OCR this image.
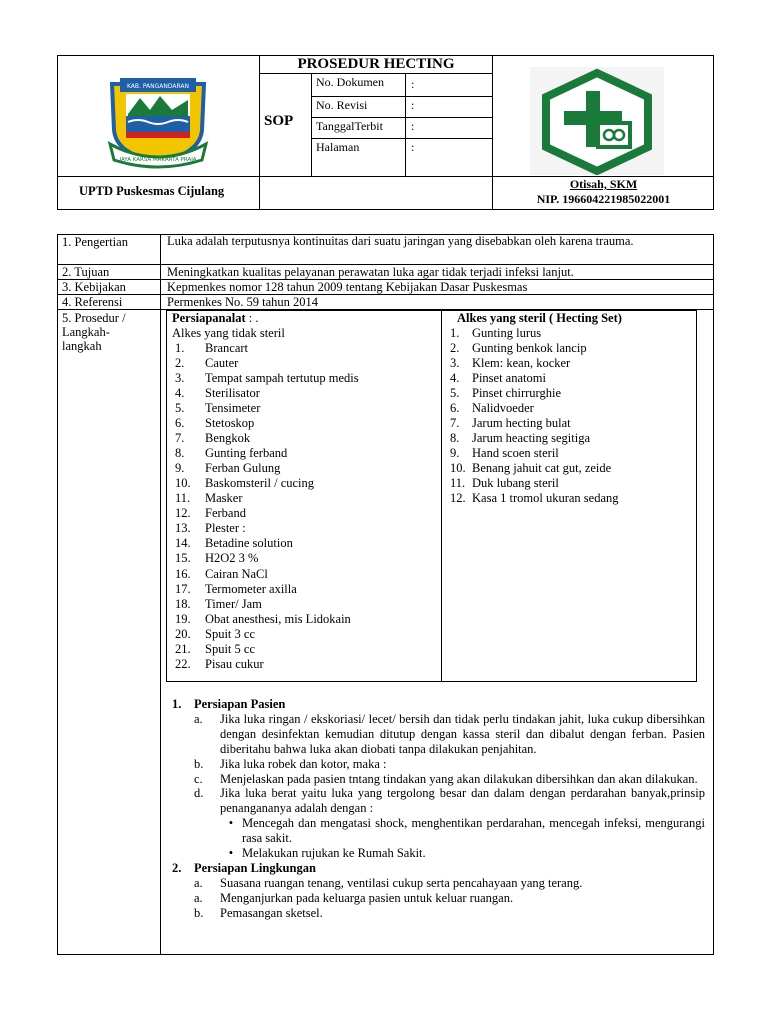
PROSEDUR HECTING
SOP
No. Dokumen :
No. Revisi	:
TanggalTerbit :
Halaman	:
UPTD Puskesmas Cijulang	Otisah, SKM
NIP. 196604221985022001
KAB. PANGANDARAN
JAYA KARSA MAKARTA PRAJA
1. Pengertian	Luka adalah terputusnya kontinuitas dari suatu jaringan yang disebabkan oleh karena trauma.
2. Tujuan	Meningkatkan kualitas pelayanan perawatan luka agar tidak terjadi infeksi lanjut.
3. Kebijakan	Kepmenkes nomor 128 tahun 2009 tentang Kebijakan Dasar Puskesmas
4. Referensi	Permenkes No. 59 tahun 2014
5. Prosedur /
Langkah-
langkah
Persiapanalat : .
Alkes yang tidak steril
1.	Brancart
2.	Cauter
3.	Tempat sampah tertutup medis
4.	Sterilisator
5.	Tensimeter
6.	Stetoskop
7.	Bengkok
8.	Gunting ferband
9.	Ferban Gulung
10.	Baskomsteril / cucing
11.	Masker
12.	Ferband
13.	Plester :
14.	Betadine solution
15.	H2O2 3 %
16.	Cairan NaCl
17.	Termometer axilla
18.	Timer/ Jam
19.	Obat anesthesi, mis Lidokain
20.	Spuit 3 cc
21.	Spuit 5 cc
22.	Pisau cukur
Alkes yang steril ( Hecting Set)
1.	Gunting lurus
2.	Gunting benkok lancip
3.	Klem: kean, kocker
4.	Pinset anatomi
5.	Pinset chirrurghie
6.	Nalidvoeder
7.	Jarum hecting bulat
8.	Jarum heacting segitiga
9.	Hand scoen steril
10. Benang jahuit cat gut, zeide
11. Duk lubang steril
12. Kasa 1 tromol ukuran sedang
1.	Persiapan Pasien
a.	Jika luka ringan / ekskoriasi/ lecet/ bersih dan tidak perlu tindakan jahit, luka cukup dibersihkan dengan desinfektan kemudian ditutup dengan kassa steril dan dibalut dengan ferban. Pasien diberitahu bahwa luka akan diobati tanpa dilakukan penjahitan.
b.	Jika luka robek dan kotor, maka :
c.	Menjelaskan pada pasien tntang tindakan yang akan dilakukan dibersihkan dan akan dilakukan.
d.	Jika luka berat yaitu luka yang tergolong besar dan dalam dengan perdarahan banyak,prinsip penangananya adalah dengan :
• Mencegah dan mengatasi shock, menghentikan perdarahan, mencegah infeksi, mengurangi rasa sakit.
• Melakukan rujukan ke Rumah Sakit.
2.	Persiapan Lingkungan
a.	Suasana ruangan tenang, ventilasi cukup serta pencahayaan yang terang.
a.	Menganjurkan pada keluarga pasien untuk keluar ruangan.
b.	Pemasangan sketsel.
